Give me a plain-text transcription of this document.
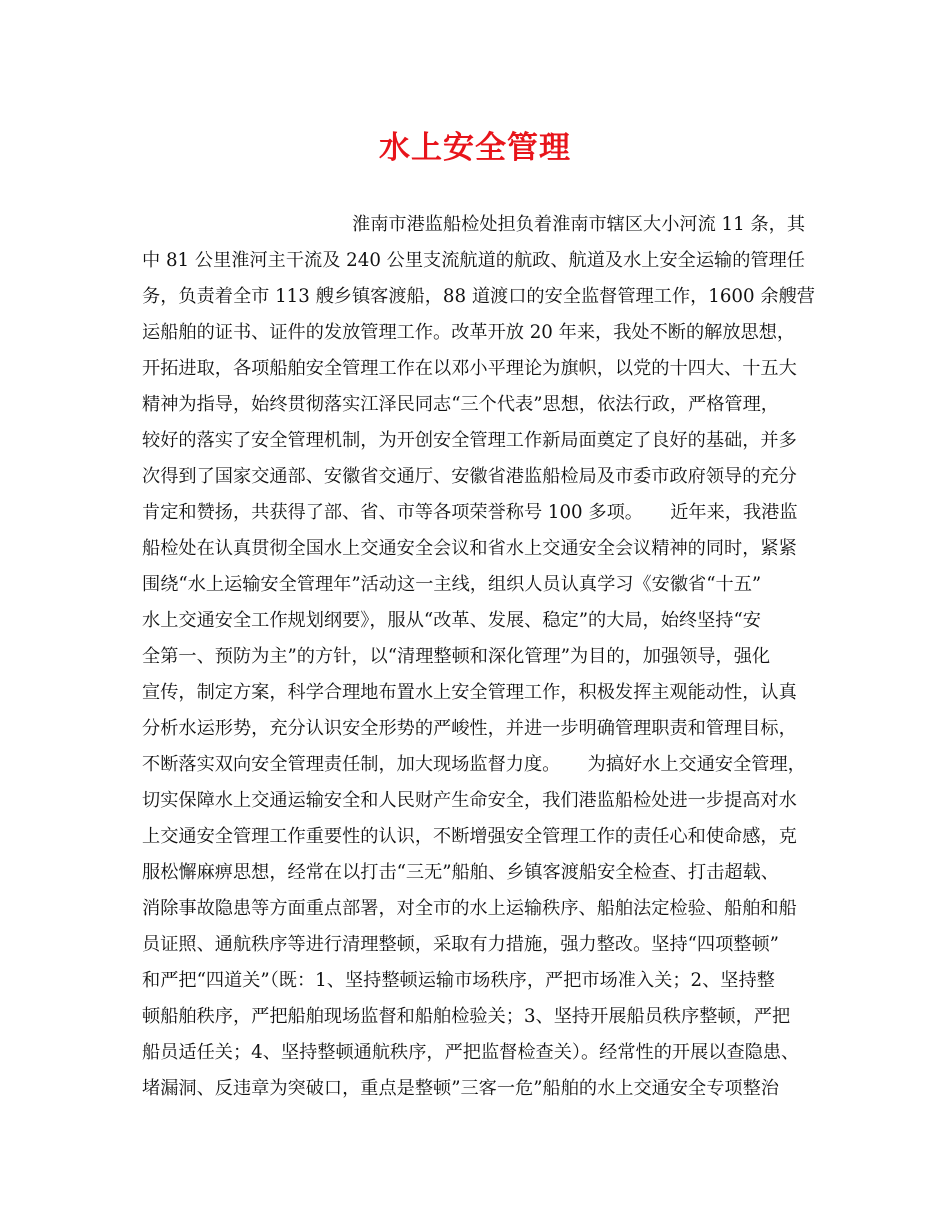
水上安全管理
淮南市港监船检处担负着淮南市辖区大小河流 11 条，其
中 81 公里淮河主干流及 240 公里支流航道的航政、航道及水上安全运输的管理任
务，负责着全市 113 艘乡镇客渡船，88 道渡口的安全监督管理工作，1600 余艘营
运船舶的证书、证件的发放管理工作。改革开放 20 年来，我处不断的解放思想，
开拓进取，各项船舶安全管理工作在以邓小平理论为旗帜，以党的十四大、十五大
精神为指导，始终贯彻落实江泽民同志“三个代表”思想，依法行政，严格管理，
较好的落实了安全管理机制，为开创安全管理工作新局面奠定了良好的基础，并多
次得到了国家交通部、安徽省交通厅、安徽省港监船检局及市委市政府领导的充分
肯定和赞扬，共获得了部、省、市等各项荣誉称号 100 多项。　　近年来，我港监
船检处在认真贯彻全国水上交通安全会议和省水上交通安全会议精神的同时，紧紧
围绕“水上运输安全管理年”活动这一主线，组织人员认真学习《安徽省“十五”
水上交通安全工作规划纲要》，服从“改革、发展、稳定”的大局，始终坚持“安
全第一、预防为主”的方针，以“清理整顿和深化管理”为目的，加强领导，强化
宣传，制定方案，科学合理地布置水上安全管理工作，积极发挥主观能动性，认真
分析水运形势，充分认识安全形势的严峻性，并进一步明确管理职责和管理目标，
不断落实双向安全管理责任制，加大现场监督力度。　　为搞好水上交通安全管理，
切实保障水上交通运输安全和人民财产生命安全，我们港监船检处进一步提高对水
上交通安全管理工作重要性的认识，不断增强安全管理工作的责任心和使命感，克
服松懈麻痹思想，经常在以打击“三无”船舶、乡镇客渡船安全检查、打击超载、
消除事故隐患等方面重点部署，对全市的水上运输秩序、船舶法定检验、船舶和船
员证照、通航秩序等进行清理整顿，采取有力措施，强力整改。坚持“四项整顿”
和严把“四道关”（既：1、坚持整顿运输市场秩序，严把市场准入关；2、坚持整
顿船舶秩序，严把船舶现场监督和船舶检验关；3、坚持开展船员秩序整顿，严把
船员适任关；4、坚持整顿通航秩序，严把监督检查关）。经常性的开展以查隐患、
堵漏洞、反违章为突破口，重点是整顿”三客一危”船舶的水上交通安全专项整治
